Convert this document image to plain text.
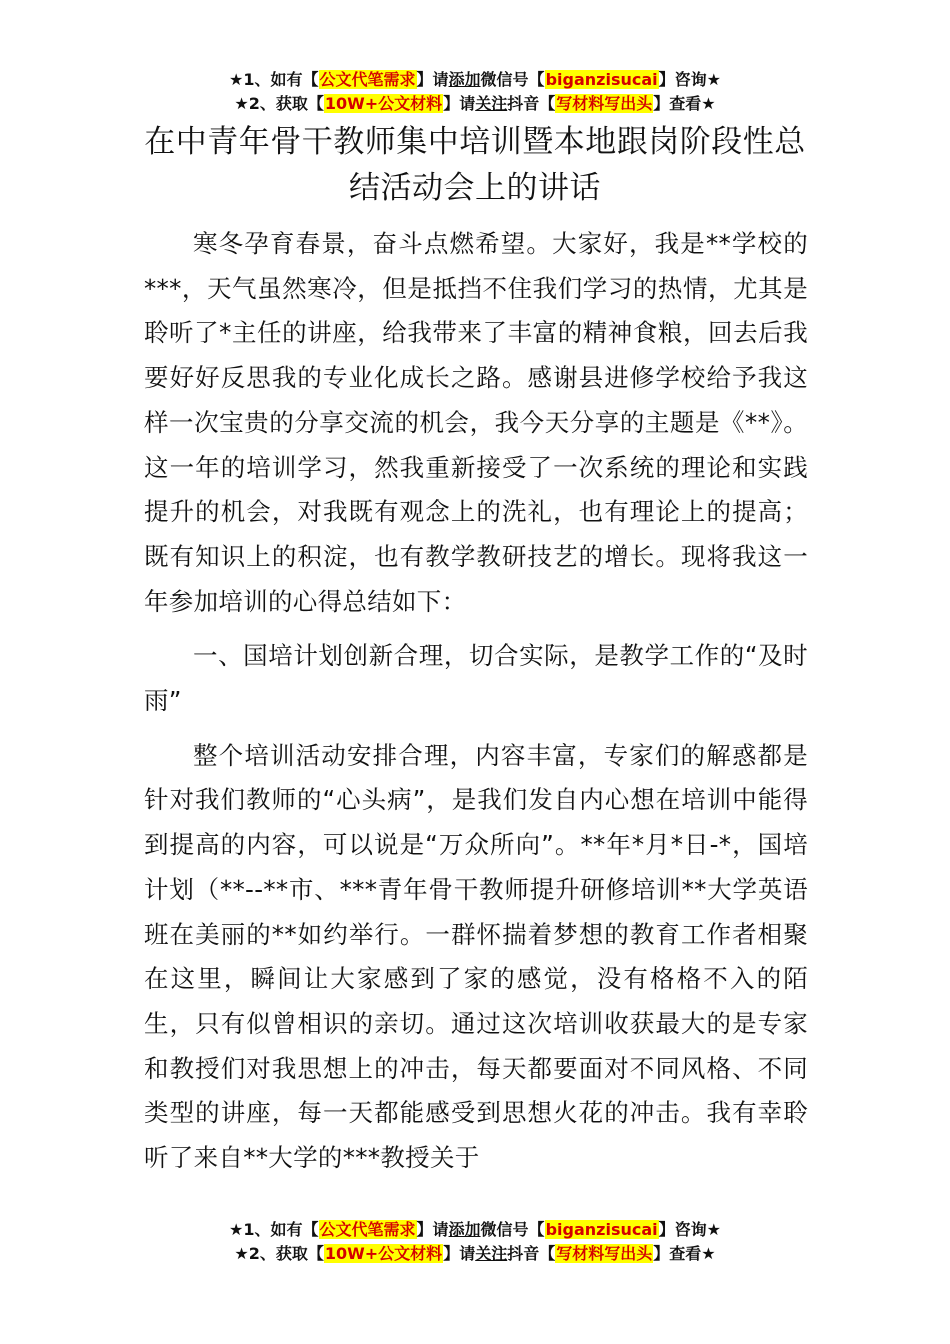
★1、如有【公文代笔需求】请添加微信号【biganzisucai】咨询★
★2、获取【10W+公文材料】请关注抖音【写材料写出头】查看★
在中青年骨干教师集中培训暨本地跟岗阶段性总结活动会上的讲话

寒冬孕育春景，奋斗点燃希望。大家好，我是**学校的***，天气虽然寒冷，但是抵挡不住我们学习的热情，尤其是聆听了*主任的讲座，给我带来了丰富的精神食粮，回去后我要好好反思我的专业化成长之路。感谢县进修学校给予我这样一次宝贵的分享交流的机会，我今天分享的主题是《**》。这一年的培训学习，然我重新接受了一次系统的理论和实践提升的机会，对我既有观念上的洗礼，也有理论上的提高；既有知识上的积淀，也有教学教研技艺的增长。现将我这一年参加培训的心得总结如下：

一、国培计划创新合理，切合实际，是教学工作的“及时雨”

整个培训活动安排合理，内容丰富，专家们的解惑都是针对我们教师的“心头病”，是我们发自内心想在培训中能得到提高的内容，可以说是“万众所向”。**年*月*日-*，国培计划（**--**市、***青年骨干教师提升研修培训**大学英语班在美丽的**如约举行。一群怀揣着梦想的教育工作者相聚在这里，瞬间让大家感到了家的感觉，没有格格不入的陌生，只有似曾相识的亲切。通过这次培训收获最大的是专家和教授们对我思想上的冲击，每天都要面对不同风格、不同类型的讲座，每一天都能感受到思想火花的冲击。我有幸聆听了来自**大学的***教授关于

★1、如有【公文代笔需求】请添加微信号【biganzisucai】咨询★
★2、获取【10W+公文材料】请关注抖音【写材料写出头】查看★
